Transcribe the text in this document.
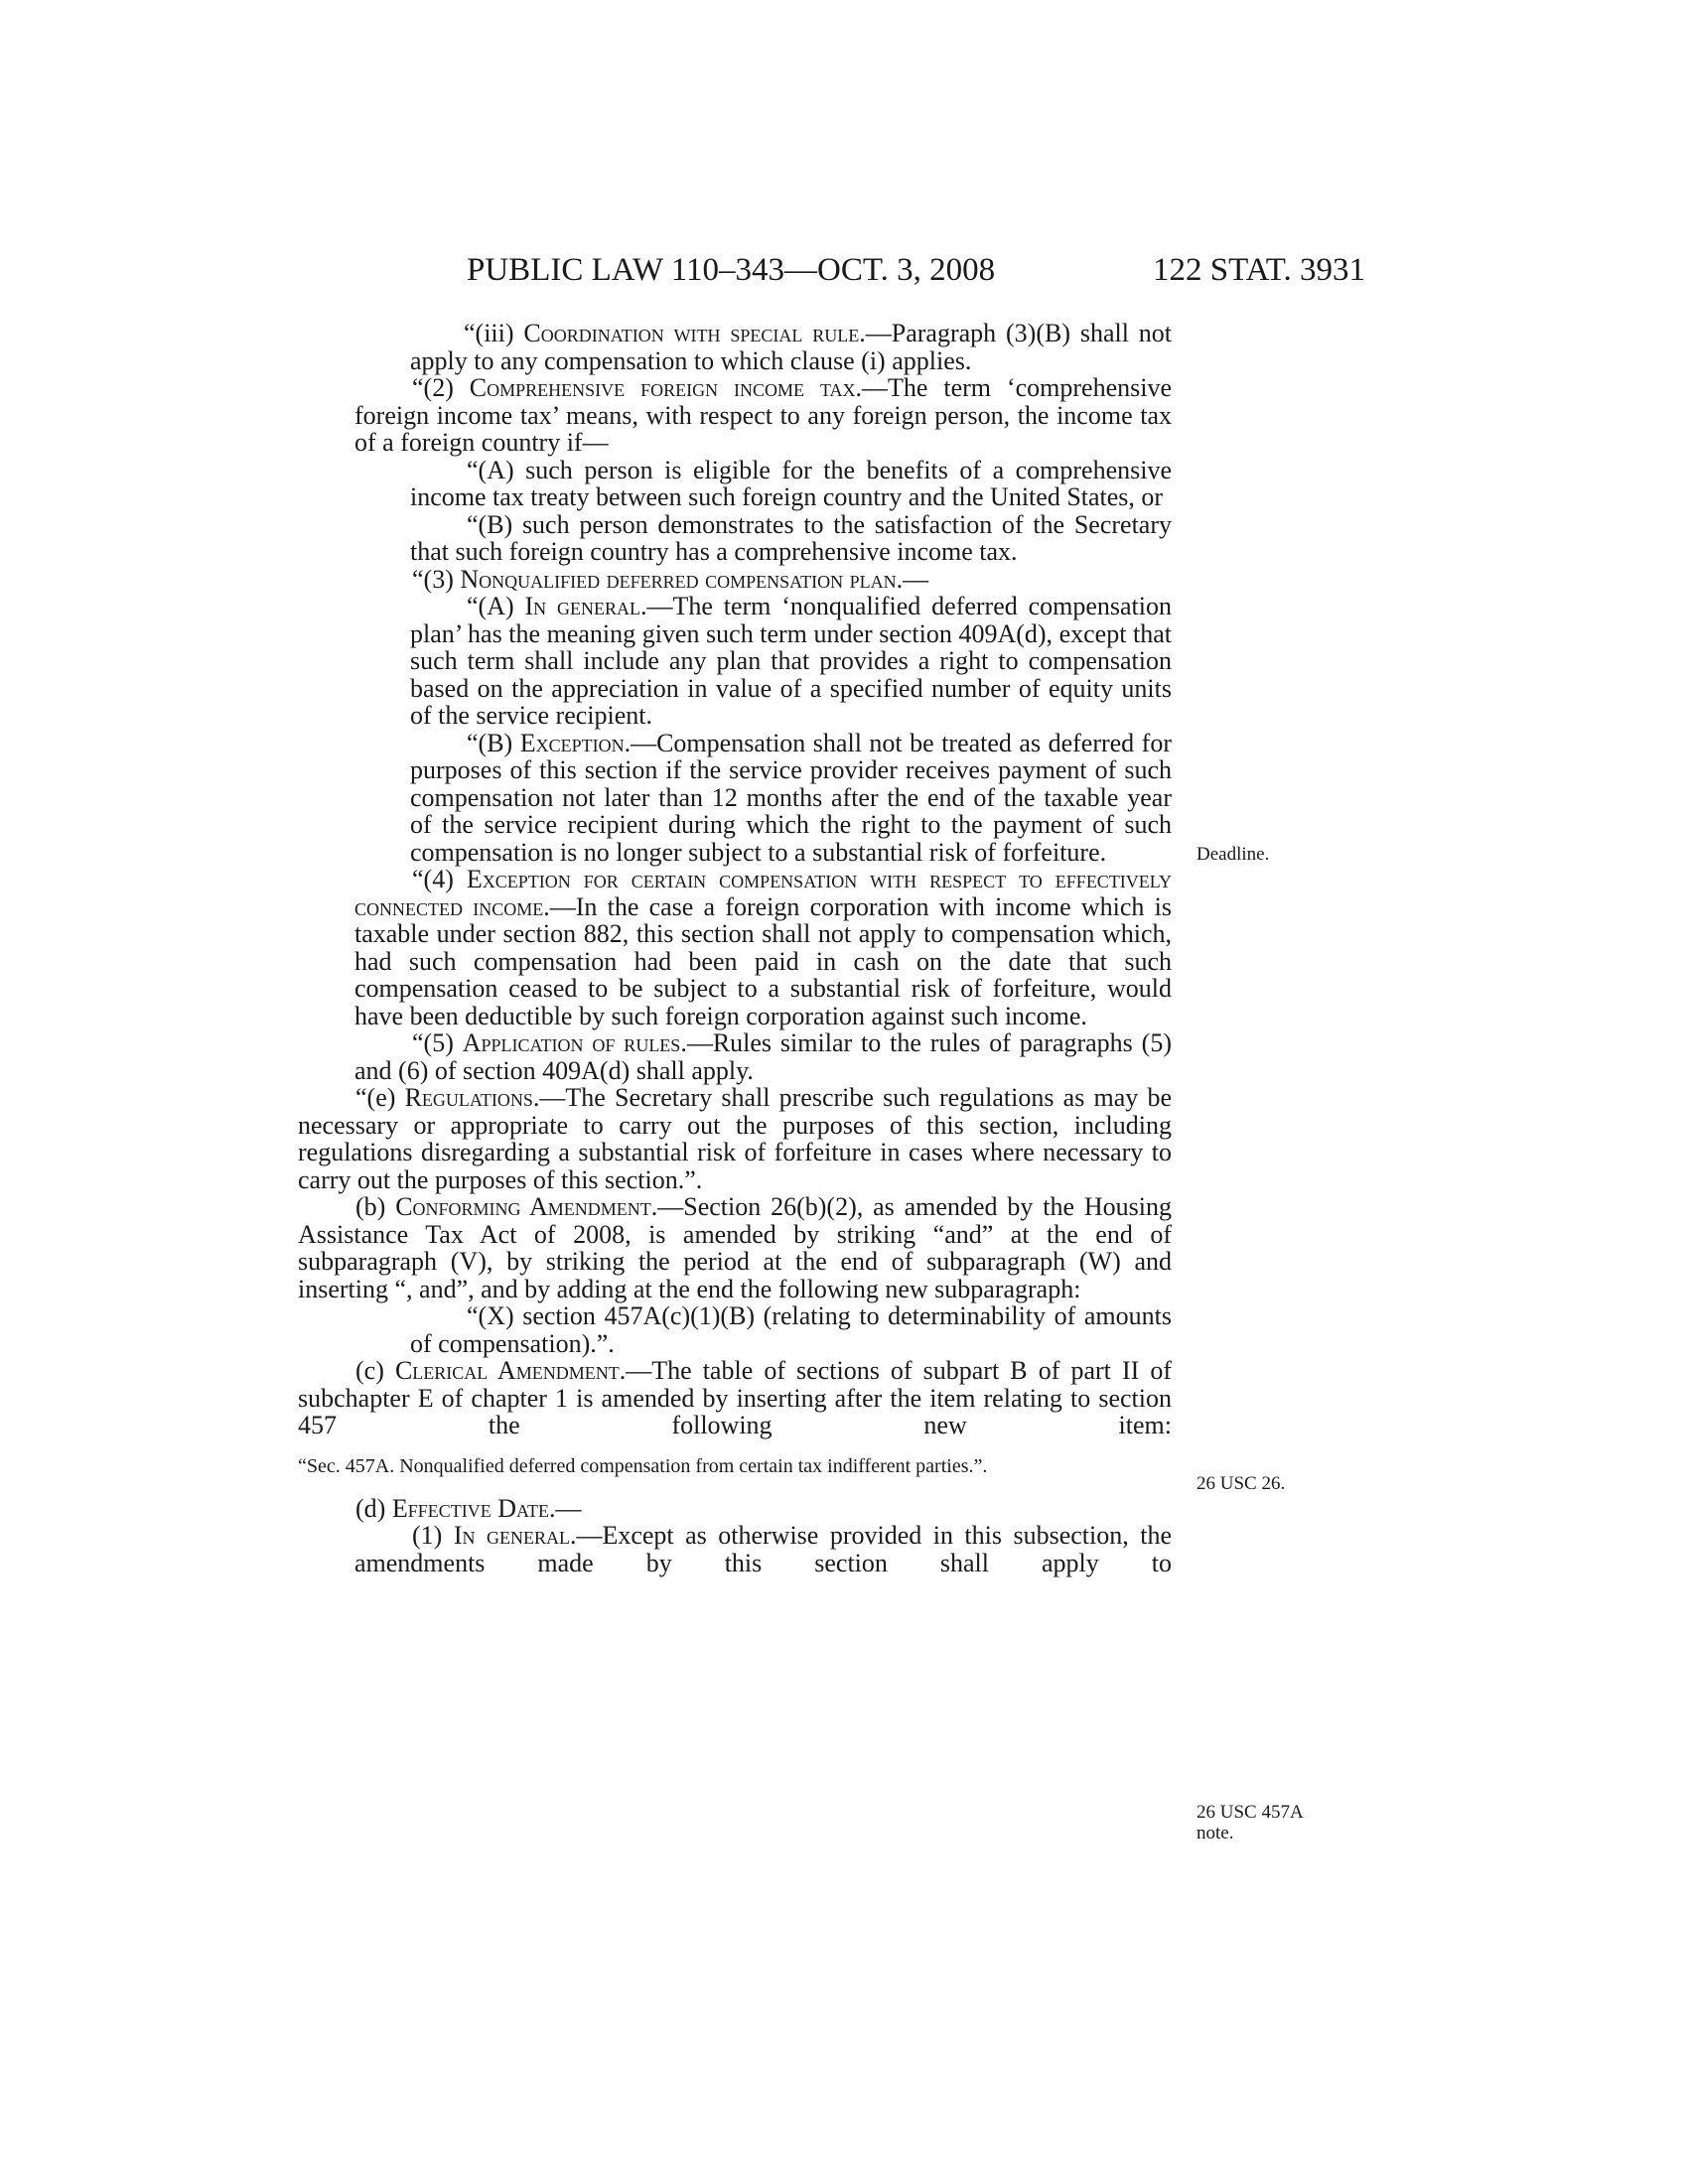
PUBLIC LAW 110–343—OCT. 3, 2008	122 STAT. 3931

“(iii) Coordination with special rule.—Paragraph (3)(B) shall not apply to any compensation to which clause (i) applies.

“(2) Comprehensive foreign income tax.—The term ‘comprehensive foreign income tax’ means, with respect to any foreign person, the income tax of a foreign country if—

“(A) such person is eligible for the benefits of a comprehensive income tax treaty between such foreign country and the United States, or

“(B) such person demonstrates to the satisfaction of the Secretary that such foreign country has a comprehensive income tax.

“(3) Nonqualified deferred compensation plan.—

“(A) In general.—The term ‘nonqualified deferred compensation plan’ has the meaning given such term under section 409A(d), except that such term shall include any plan that provides a right to compensation based on the appreciation in value of a specified number of equity units of the service recipient.

“(B) Exception.—Compensation shall not be treated as deferred for purposes of this section if the service provider receives payment of such compensation not later than 12 months after the end of the taxable year of the service recipient during which the right to the payment of such compensation is no longer subject to a substantial risk of forfeiture.

“(4) Exception for certain compensation with respect to effectively connected income.—In the case a foreign corporation with income which is taxable under section 882, this section shall not apply to compensation which, had such compensation had been paid in cash on the date that such compensation ceased to be subject to a substantial risk of forfeiture, would have been deductible by such foreign corporation against such income.

“(5) Application of rules.—Rules similar to the rules of paragraphs (5) and (6) of section 409A(d) shall apply.

“(e) Regulations.—The Secretary shall prescribe such regulations as may be necessary or appropriate to carry out the purposes of this section, including regulations disregarding a substantial risk of forfeiture in cases where necessary to carry out the purposes of this section.”.

(b) Conforming Amendment.—Section 26(b)(2), as amended by the Housing Assistance Tax Act of 2008, is amended by striking “and” at the end of subparagraph (V), by striking the period at the end of subparagraph (W) and inserting “, and”, and by adding at the end the following new subparagraph:

“(X) section 457A(c)(1)(B) (relating to determinability of amounts of compensation).”.

(c) Clerical Amendment.—The table of sections of subpart B of part II of subchapter E of chapter 1 is amended by inserting after the item relating to section 457 the following new item:

“Sec. 457A. Nonqualified deferred compensation from certain tax indifferent parties.”.

(d) Effective Date.—

(1) In general.—Except as otherwise provided in this subsection, the amendments made by this section shall apply to

Deadline.
26 USC 26.
26 USC 457A
note.
